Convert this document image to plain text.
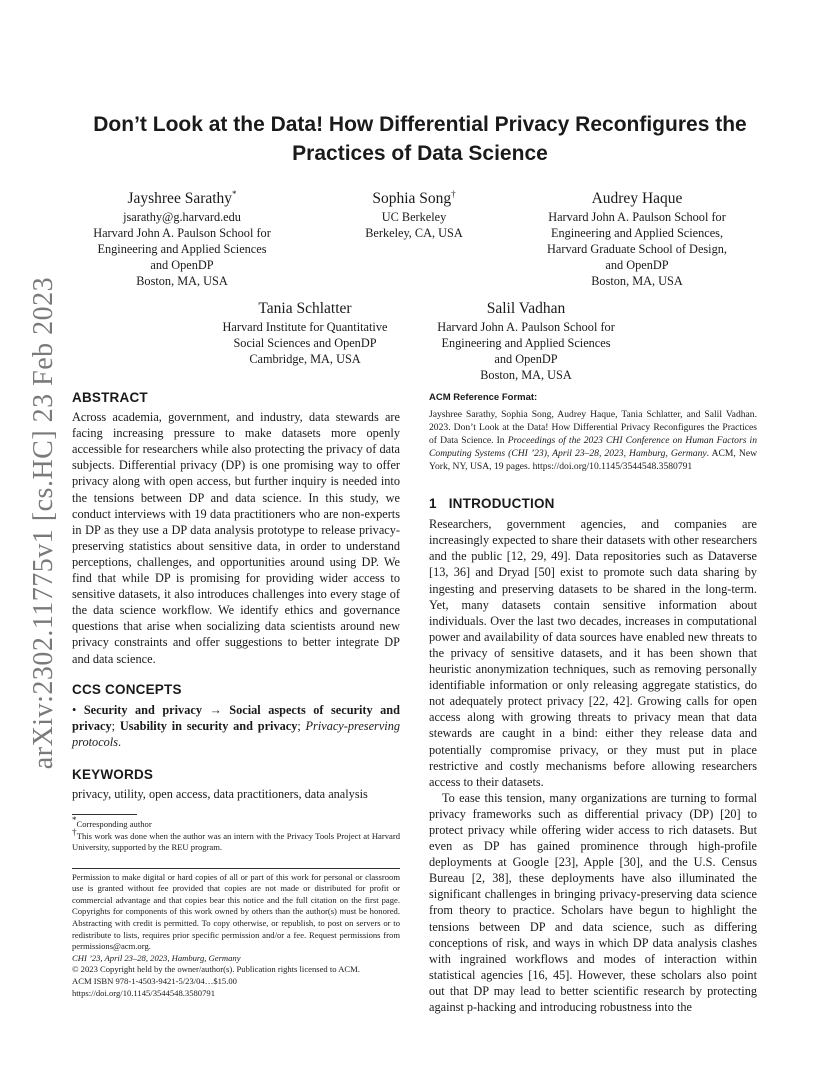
arXiv:2302.11775v1 [cs.HC] 23 Feb 2023
Don’t Look at the Data! How Differential Privacy Reconfigures the Practices of Data Science
Jayshree Sarathy*
jsarathy@g.harvard.edu
Harvard John A. Paulson School for
Engineering and Applied Sciences
and OpenDP
Boston, MA, USA
Sophia Song†
UC Berkeley
Berkeley, CA, USA
Audrey Haque
Harvard John A. Paulson School for
Engineering and Applied Sciences,
Harvard Graduate School of Design,
and OpenDP
Boston, MA, USA
Tania Schlatter
Harvard Institute for Quantitative
Social Sciences and OpenDP
Cambridge, MA, USA
Salil Vadhan
Harvard John A. Paulson School for
Engineering and Applied Sciences
and OpenDP
Boston, MA, USA
ABSTRACT

Across academia, government, and industry, data stewards are facing increasing pressure to make datasets more openly accessible for researchers while also protecting the privacy of data subjects. Differential privacy (DP) is one promising way to offer privacy along with open access, but further inquiry is needed into the tensions between DP and data science. In this study, we conduct interviews with 19 data practitioners who are non-experts in DP as they use a DP data analysis prototype to release privacy-preserving statistics about sensitive data, in order to understand perceptions, challenges, and opportunities around using DP. We find that while DP is promising for providing wider access to sensitive datasets, it also introduces challenges into every stage of the data science workflow. We identify ethics and governance questions that arise when socializing data scientists around new privacy constraints and offer suggestions to better integrate DP and data science.

CCS CONCEPTS

• Security and privacy → Social aspects of security and privacy; Usability in security and privacy; Privacy-preserving protocols.

KEYWORDS

privacy, utility, open access, data practitioners, data analysis

*Corresponding author

†This work was done when the author was an intern with the Privacy Tools Project at Harvard University, supported by the REU program.

Permission to make digital or hard copies of all or part of this work for personal or classroom use is granted without fee provided that copies are not made or distributed for profit or commercial advantage and that copies bear this notice and the full citation on the first page. Copyrights for components of this work owned by others than the author(s) must be honored. Abstracting with credit is permitted. To copy otherwise, or republish, to post on servers or to redistribute to lists, requires prior specific permission and/or a fee. Request permissions from permissions@acm.org.

CHI ’23, April 23–28, 2023, Hamburg, Germany
© 2023 Copyright held by the owner/author(s). Publication rights licensed to ACM.
ACM ISBN 978-1-4503-9421-5/23/04…$15.00
https://doi.org/10.1145/3544548.3580791
ACM Reference Format:

Jayshree Sarathy, Sophia Song, Audrey Haque, Tania Schlatter, and Salil Vadhan. 2023. Don’t Look at the Data! How Differential Privacy Reconfigures the Practices of Data Science. In Proceedings of the 2023 CHI Conference on Human Factors in Computing Systems (CHI ’23), April 23–28, 2023, Hamburg, Germany. ACM, New York, NY, USA, 19 pages. https://doi.org/10.1145/3544548.3580791

1 INTRODUCTION

Researchers, government agencies, and companies are increasingly expected to share their datasets with other researchers and the public [12, 29, 49]. Data repositories such as Dataverse [13, 36] and Dryad [50] exist to promote such data sharing by ingesting and preserving datasets to be shared in the long-term. Yet, many datasets contain sensitive information about individuals. Over the last two decades, increases in computational power and availability of data sources have enabled new threats to the privacy of sensitive datasets, and it has been shown that heuristic anonymization techniques, such as removing personally identifiable information or only releasing aggregate statistics, do not adequately protect privacy [22, 42]. Growing calls for open access along with growing threats to privacy mean that data stewards are caught in a bind: either they release data and potentially compromise privacy, or they must put in place restrictive and costly mechanisms before allowing researchers access to their datasets.

To ease this tension, many organizations are turning to formal privacy frameworks such as differential privacy (DP) [20] to protect privacy while offering wider access to rich datasets. But even as DP has gained prominence through high-profile deployments at Google [23], Apple [30], and the U.S. Census Bureau [2, 38], these deployments have also illuminated the significant challenges in bringing privacy-preserving data science from theory to practice. Scholars have begun to highlight the tensions between DP and data science, such as differing conceptions of risk, and ways in which DP data analysis clashes with ingrained workflows and modes of interaction within statistical agencies [16, 45]. However, these scholars also point out that DP may lead to better scientific research by protecting against p-hacking and introducing robustness into the
